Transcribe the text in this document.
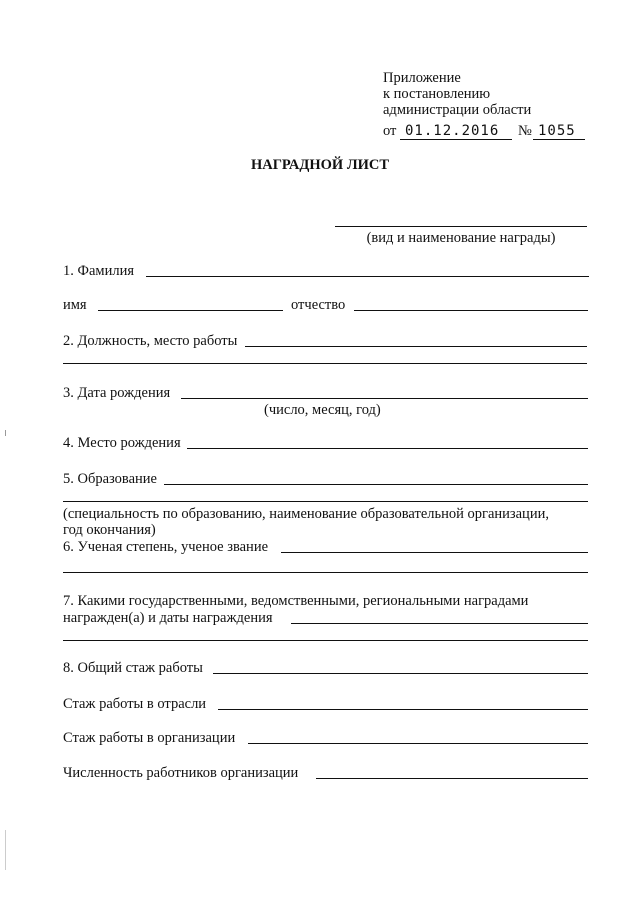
Приложение
к постановлению
администрации области
от 01.12.2016 № 1055
НАГРАДНОЙ ЛИСТ
(вид и наименование награды)
1. Фамилия
имя	отчество
2. Должность, место работы
3. Дата рождения
(число, месяц, год)
4. Место рождения
5. Образование
(специальность по образованию, наименование образовательной организации,
год окончания)
6. Ученая степень, ученое звание
7. Какими государственными, ведомственными, региональными наградами
награжден(а) и даты награждения
8. Общий стаж работы
Стаж работы в отрасли
Стаж работы в организации
Численность работников организации
